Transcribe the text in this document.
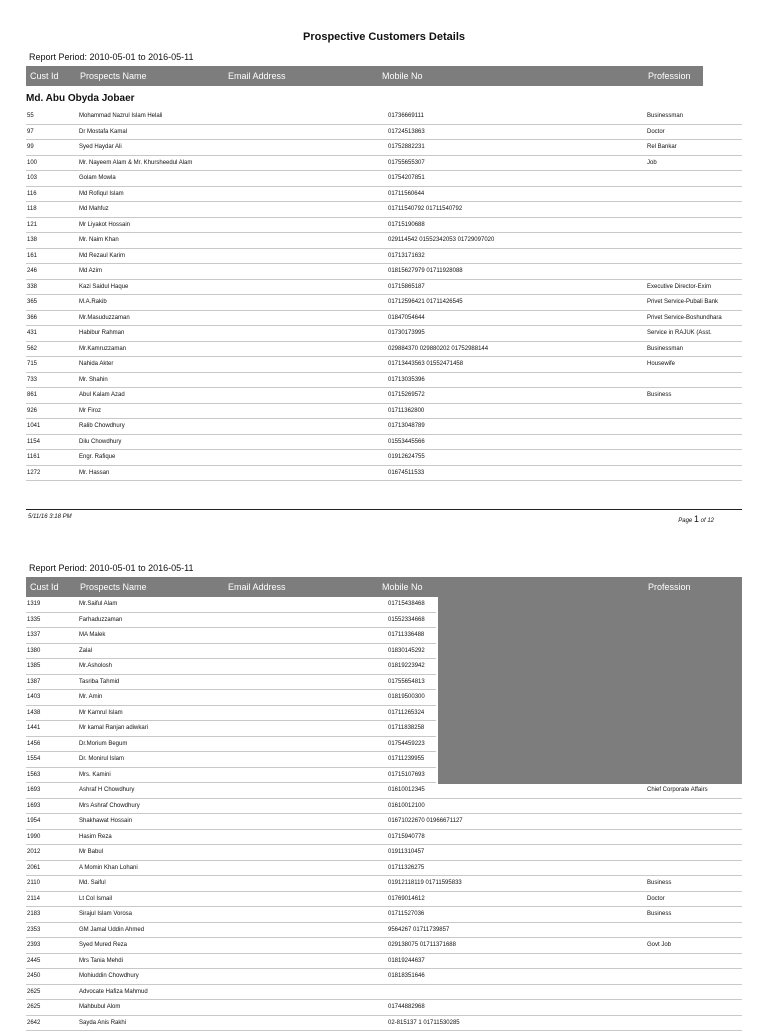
Prospective Customers Details
Report Period: 2010-05-01 to 2016-05-11
Cust Id Prospects Name	Email Address	Mobile No	Profession
Md. Abu Obyda Jobaer
55	Mohammad Nazrul Islam Helali	01736669111	Businessman
97	Dr Mostafa Kamal	01724513863	Doctor
99	Syed Haydar Ali	01752882231	Rel Bankar
100	Mr. Nayeem Alam & Mr. Khursheedul Alam	01755655307	Job
103	Golam Mowla	01754207851
116	Md Rofiqul Islam	01711560644
118	Md Mahfuz	01711540792 01711540792
121	Mr Liyakot Hossain	01715190688
138	Mr. Naim Khan	029114542 01552342053 01729097020
161	Md Rezaul Karim	01713171632
246	Md Azim	01815627979 01711928088
338	Kazi Saidul Haque	01715865187	Executive Director-Exim
365	M.A.Rakib	01712596421 01711426545	Privet Service-Pubali Bank
366	Mr.Masuduzzaman	01847054644	Privet Service-Boshundhara
431	Habibur Rahman	01730173995	Service in RAJUK (Asst.
562	Mr.Kamruzzaman	029884370 029880202 01752988144	Businessman
715	Nahida Akter	01713443563 01552471458	Housewife
733	Mr. Shahin	01713035396
861	Abul Kalam Azad	01715269572	Business
926	Mr Firoz	01711362800
1041	Ralib Chowdhury	01713048789
1154	Dilu Chowdhury	01553445566
1161	Engr. Rafique	01912624755
1272	Mr. Hassan	01674511533
5/11/16 3:18 PM
Page 1 of 12
Report Period: 2010-05-01 to 2016-05-11
Cust Id Prospects Name	Email Address	Mobile No	Profession
1319	Mr.Saiful Alam	01715438468
1335	Farhaduzzaman	01552334668
1337	MA Malek	01711336488
1380	Zalal	01830145292
1385	Mr.Asholosh	01819223942
1387	Tasriba Tahmid	01755654813
1403	Mr. Amin	01819500300
1438	Mr Kamrul Islam	01711265324
1441	Mr kamal Ranjan adiwkari	01711838258
1456	Dr.Morium Begum	01754459223
1554	Dr. Monirul Islam	01711239955
1563	Mrs. Kamini	01715107693
1693	Ashraf H Chowdhury	01610012345	Chief Corporate Affairs
1693	Mrs Ashraf Chowdhury	01610012100
1954	Shakhawat Hossain	01671022670 01966671127
1990	Hasim Reza	01715940778
2012	Mr Babul	01911310457
2061	A Momin Khan Lohani	01711326275
2110	Md. Saiful	01912118119 01711595833	Business
2114	Lt Col Ismail	01769014612	Doctor
2183	Sirajul Islam Vorosa	01711527036	Business
2353	GM Jamal Uddin Ahmed	9564267 01711739857
2393	Syed Mured Reza	029138075 01711371688	Govt Job
2445	Mrs Tania Mehdi	01819244637
2450	Mohiuddin Chowdhury	01818351646
2625	Advocate Hafiza Mahmud
2625	Mahbubul Alom	01744882968
2642	Sayda Anis Rakhi	02-815137 1 01711530285
